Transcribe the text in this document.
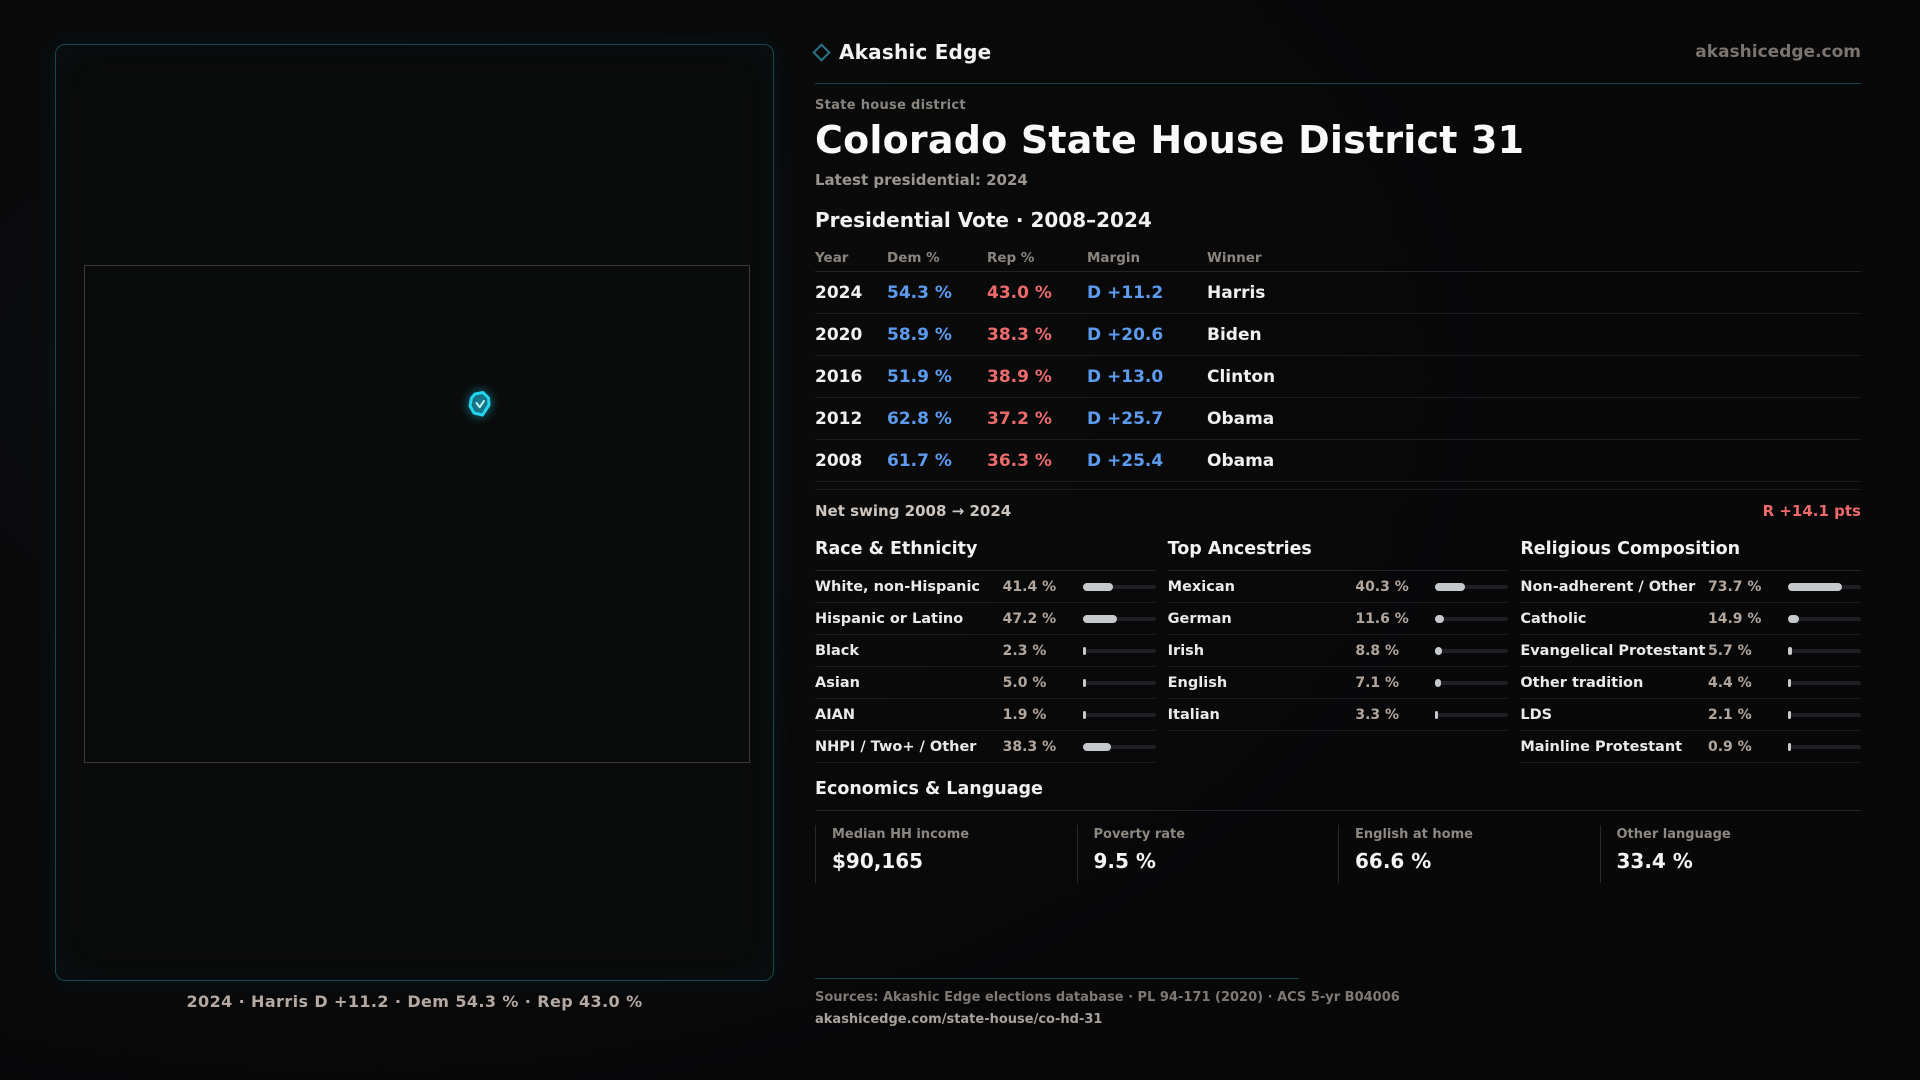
2024 · Harris D +11.2 · Dem 54.3 % · Rep 43.0 %
Akashic Edge	akashicedge.com
State house district
Colorado State House District 31
Latest presidential: 2024
Presidential Vote · 2008–2024
Year	Dem %	Rep %	Margin	Winner
2024	54.3 %	43.0 %	D +11.2	Harris
2020	58.9 %	38.3 %	D +20.6	Biden
2016	51.9 %	38.9 %	D +13.0	Clinton
2012	62.8 %	37.2 %	D +25.7	Obama
2008	61.7 %	36.3 %	D +25.4	Obama
Net swing 2008 → 2024	R +14.1 pts
Race & Ethnicity
White, non-Hispanic	41.4 %
Hispanic or Latino	47.2 %
Black	2.3 %
Asian	5.0 %
AIAN	1.9 %
NHPI / Two+ / Other	38.3 %
Top Ancestries
Mexican	40.3 %
German	11.6 %
Irish	8.8 %
English	7.1 %
Italian	3.3 %
Religious Composition
Non-adherent / Other 73.7 %
Catholic	14.9 %
Evangelical Protestant 5.7 %
Other tradition	4.4 %
LDS	2.1 %
Mainline Protestant	0.9 %
Economics & Language
Median HH income
$90,165
Poverty rate
9.5 %
English at home
66.6 %
Other language
33.4 %
Sources: Akashic Edge elections database · PL 94-171 (2020) · ACS 5-yr B04006
akashicedge.com/state-house/co-hd-31
